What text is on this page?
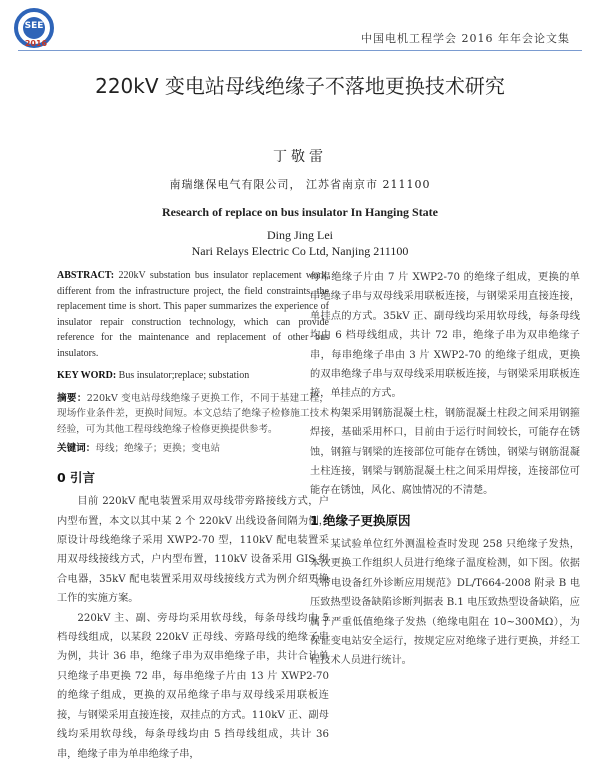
SEE
2016	中国电机工程学会 2016 年年会论文集
220kV 变电站母线绝缘子不落地更换技术研究
丁敬雷
南瑞继保电气有限公司， 江苏省南京市 211100
Research of replace on bus insulator In Hanging State
Ding Jing Lei
Nari Relays Electric Co Ltd, Nanjing 211100

ABSTRACT: 220kV substation bus insulator replacement work, different from the infrastructure project, the field constraints, the replacement time is short. This paper summarizes the experience of insulator repair construction technology, which can provide reference for the maintenance and replacement of other bus insulators.

KEY WORD: Bus insulator;replace; substation

摘要：220kV 变电站母线绝缘子更换工作，不同于基建工程，现场作业条件差，更换时间短。本文总结了绝缘子检修施工技术经验，可为其他工程母线绝缘子检修更换提供参考。

关键词：母线；绝缘子；更换；变电站

0 引言

目前 220kV 配电装置采用双母线带旁路接线方式，户内型布置，本文以其中某 2 个 220kV 出线设备间隔为例，原设计母线绝缘子采用 XWP2-70 型，110kV 配电装置采用双母线接线方式，户内型布置，110kV 设备采用 GIS 组合电器，35kV 配电装置采用双母线接线方式为例介绍更换工作的实施方案。

220kV 主、副、旁母均采用软母线，每条母线均由 5 档母线组成，以某段 220kV 正母线、旁路母线的绝缘子串为例，共计 36 串，绝缘子串为双串绝缘子串，共计合计单只绝缘子串更换 72 串，每串绝缘子片由 13 片 XWP2-70 的绝缘子组成，更换的双吊绝缘子串与双母线采用联板连接，与钢梁采用直接连接，双挂点的方式。110kV 正、副母线均采用软母线，每条母线均由 5 挡母线组成，共计 36 串，绝缘子串为单串绝缘子串，

每串绝缘子片由 7 片 XWP2-70 的绝缘子组成，更换的单串绝缘子串与双母线采用联板连接，与钢梁采用直接连接，单挂点的方式。35kV 正、副母线均采用软母线，每条母线均由 6 档母线组成，共计 72 串，绝缘子串为双串绝缘子串，每串绝缘子串由 3 片 XWP2-70 的绝缘子组成，更换的双串绝缘子串与双母线采用联板连接，与钢梁采用联板连接，单挂点的方式。

构架采用钢筋混凝土柱，钢筋混凝土柱段之间采用钢箍焊接，基础采用杯口，目前由于运行时间较长，可能存在锈蚀，钢箍与钢梁的连接部位可能存在锈蚀，钢梁与钢筋混凝土柱连接，钢梁与钢筋混凝土柱之间采用焊接，连接部位可能存在锈蚀，风化、腐蚀情况的不清楚。

1 绝缘子更换原因

某试验单位红外测温检查时发现 258 只绝缘子发热，本次更换工作组织人员进行绝缘子温度检测，如下图。依据《带电设备红外诊断应用规范》DL/T664-2008 附录 B 电压致热型设备缺陷诊断判据表 B.1 电压致热型设备缺陷，应属于严重低值绝缘子发热（绝缘电阻在 10~300MΩ），为保证变电站安全运行，按规定应对绝缘子进行更换，并经工程技术人员进行统计。
